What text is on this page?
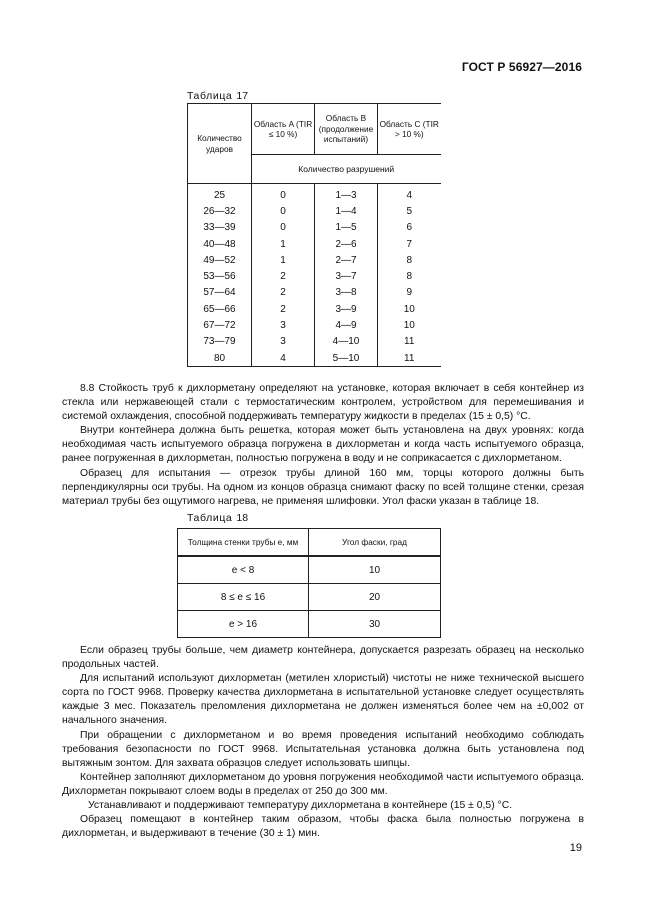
ГОСТ Р 56927—2016
Таблица 17
Количество ударов	Область A (TIR ≤ 10 %)	Область B (продолжение испытаний)	Область C (TIR > 10 %)
	Количество разрушений		
25	0	1—3	4
26—32	0	1—4	5
33—39	0	1—5	6
40—48	1	2—6	7
49—52	1	2—7	8
53—56	2	3—7	8
57—64	2	3—8	9
65—66	2	3—9	10
67—72	3	4—9	10
73—79	3	4—10	11
80	4	5—10	11
Таблица 18

8.8 Стойкость труб к дихлорметану определяют на установке, которая включает в себя контейнер из стекла или нержавеющей стали с термостатическим контролем, устройством для перемешивания и системой охлаждения, способной поддерживать температуру жидкости в пределах (15 ± 0,5) °C.

Внутри контейнера должна быть решетка, которая может быть установлена на двух уровнях: когда необходимая часть испытуемого образца погружена в дихлорметан и когда часть испытуемого образца, ранее погруженная в дихлорметан, полностью погружена в воду и не соприкасается с дихлорметаном.

Образец для испытания — отрезок трубы длиной 160 мм, торцы которого должны быть перпендикулярны оси трубы. На одном из концов образца снимают фаску по всей толщине стенки, срезая материал трубы без ощутимого нагрева, не применяя шлифовки. Угол фаски указан в таблице 18.

Толщина стенки трубы e, мм	Угол фаски, град
e < 8	10
8 ≤ e ≤ 16	20
e > 16	30

Если образец трубы больше, чем диаметр контейнера, допускается разрезать образец на несколько продольных частей.

Для испытаний используют дихлорметан (метилен хлористый) чистоты не ниже технической высшего сорта по ГОСТ 9968. Проверку качества дихлорметана в испытательной установке следует осуществлять каждые 3 мес. Показатель преломления дихлорметана не должен изменяться более чем на ±0,002 от начального значения.

При обращении с дихлорметаном и во время проведения испытаний необходимо соблюдать требования безопасности по ГОСТ 9968. Испытательная установка должна быть установлена под вытяжным зонтом. Для захвата образцов следует использовать шипцы.

Контейнер заполняют дихлорметаном до уровня погружения необходимой части испытуемого образца. Дихлорметан покрывают слоем воды в пределах от 250 до 300 мм.

Устанавливают и поддерживают температуру дихлорметана в контейнере (15 ± 0,5) °C.

Образец помещают в контейнер таким образом, чтобы фаска была полностью погружена в дихлорметан, и выдерживают в течение (30 ± 1) мин.

19
